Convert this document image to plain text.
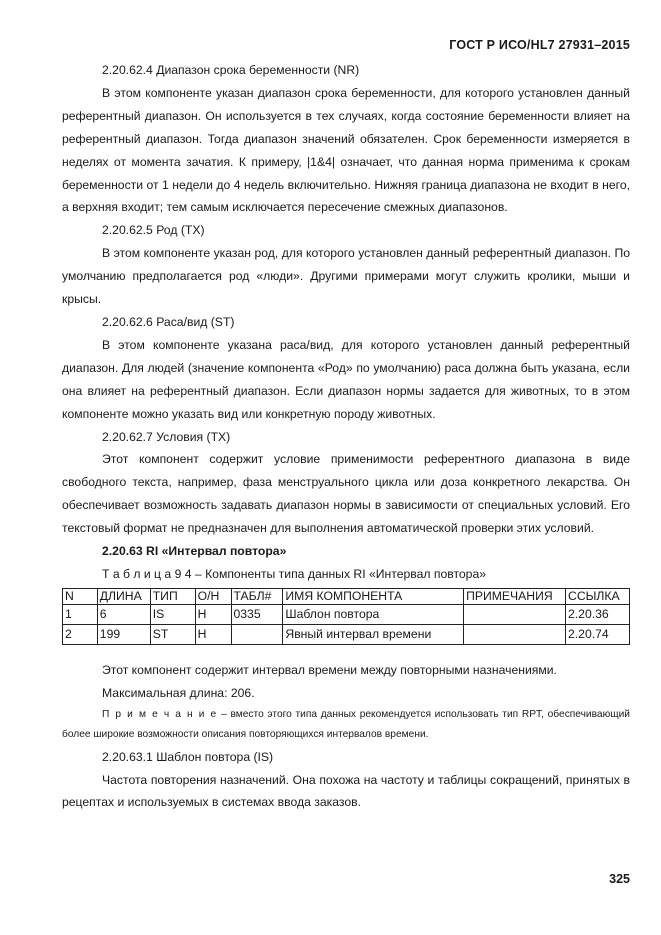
ГОСТ Р ИСО/HL7 27931–2015

2.20.62.4 Диапазон срока беременности (NR)

В этом компоненте указан диапазон срока беременности, для которого установлен данный референтный диапазон. Он используется в тех случаях, когда состояние беременности влияет на референтный диапазон. Тогда диапазон значений обязателен. Срок беременности измеряется в неделях от момента зачатия. К примеру, |1&4| означает, что данная норма применима к срокам беременности от 1 недели до 4 недель включительно. Нижняя граница диапазона не входит в него, а верхняя входит; тем самым исключается пересечение смежных диапазонов.

2.20.62.5 Род (TX)

В этом компоненте указан род, для которого установлен данный референтный диапазон. По умолчанию предполагается род «люди». Другими примерами могут служить кролики, мыши и крысы.

2.20.62.6 Раса/вид (ST)

В этом компоненте указана раса/вид, для которого установлен данный референтный диапазон. Для людей (значение компонента «Род» по умолчанию) раса должна быть указана, если она влияет на референтный диапазон. Если диапазон нормы задается для животных, то в этом компоненте можно указать вид или конкретную породу животных.

2.20.62.7 Условия (TX)

Этот компонент содержит условие применимости референтного диапазона в виде свободного текста, например, фаза менструального цикла или доза конкретного лекарства. Он обеспечивает возможность задавать диапазон нормы в зависимости от специальных условий. Его текстовый формат не предназначен для выполнения автоматической проверки этих условий.

2.20.63 RI «Интервал повтора»

Т а б л и ц а 9 4 – Компоненты типа данных RI «Интервал повтора»

N	ДЛИНА	ТИП	О/Н	ТАБЛ#	ИМЯ КОМПОНЕНТА	ПРИМЕЧАНИЯ	ССЫЛКА
1	6	IS	Н	0335	Шаблон повтора		2.20.36
2	199	ST	Н		Явный интервал времени		2.20.74

Этот компонент содержит интервал времени между повторными назначениями.

Максимальная длина: 206.

П р и м е ч а н и е – вместо этого типа данных рекомендуется использовать тип RPT, обеспечивающий более широкие возможности описания повторяющихся интервалов времени.

2.20.63.1 Шаблон повтора (IS)

Частота повторения назначений. Она похожа на частоту и таблицы сокращений, принятых в рецептах и используемых в системах ввода заказов.

325
